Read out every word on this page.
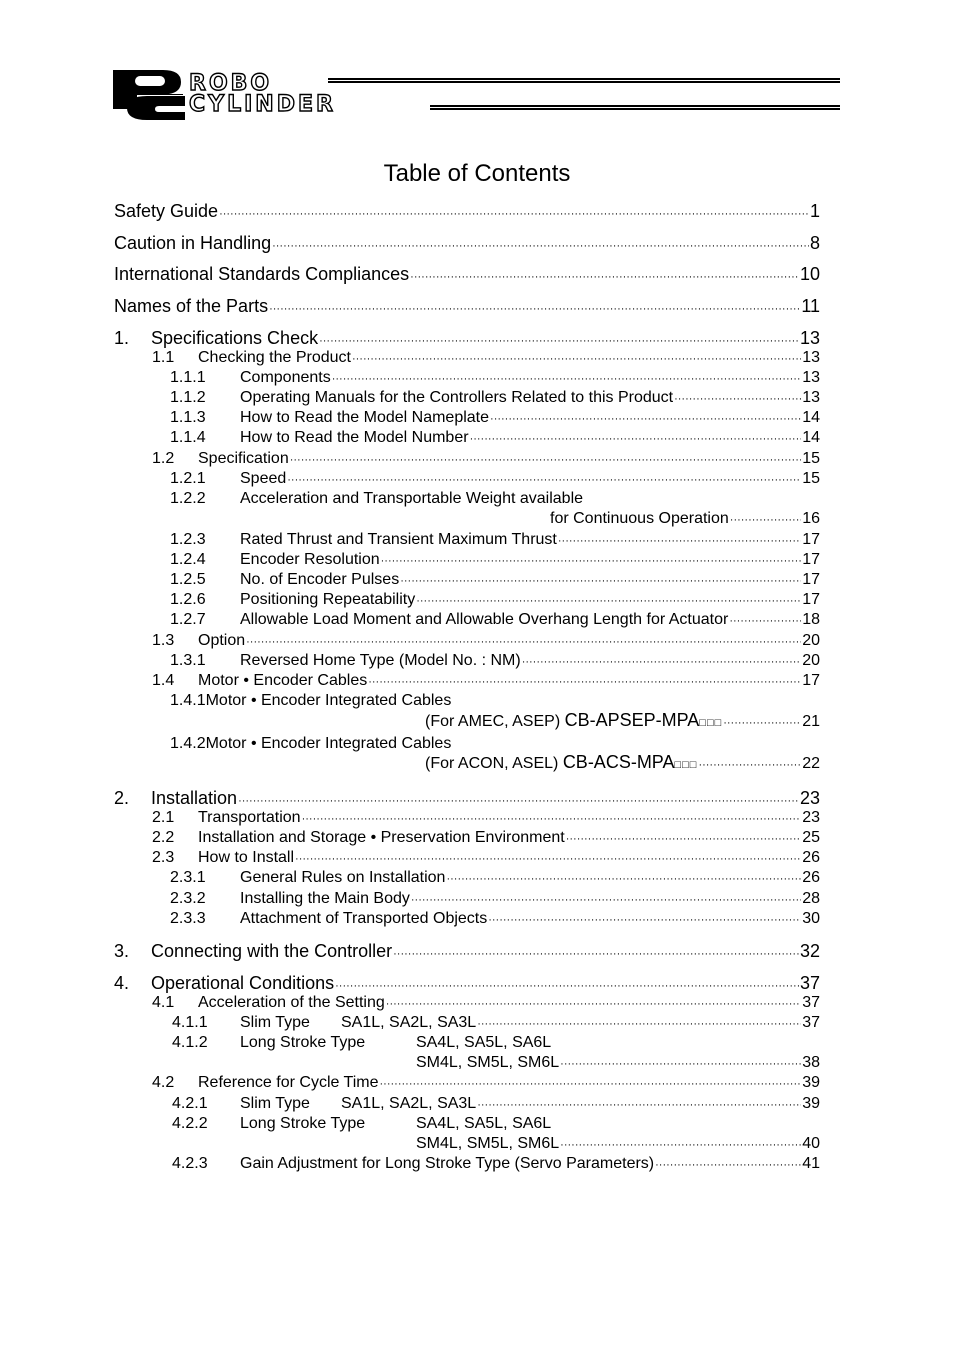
ROBO
CYLINDER
Table of Contents
Safety Guide ·····	1
Caution in Handling ·····	8
International Standards Compliances ·····	10
Names of the Parts ·····	11
1.	Specifications Check ·····	13
1.1	Checking the Product ·····	13
1.1.1	Components ·····	13
1.1.2	Operating Manuals for the Controllers Related to this Product ·····	13
1.1.3	How to Read the Model Nameplate ·····	14
1.1.4	How to Read the Model Number ·····	14
1.2	Specification ·····	15
1.2.1	Speed ·····	15
1.2.2	Acceleration and Transportable Weight available
for Continuous Operation ·····	16
1.2.3	Rated Thrust and Transient Maximum Thrust ·····	17
1.2.4	Encoder Resolution ·····	17
1.2.5	No. of Encoder Pulses ·····	17
1.2.6	Positioning Repeatability ·····	17
1.2.7	Allowable Load Moment and Allowable Overhang Length for Actuator ·····	18
1.3	Option ·····	20
1.3.1	Reversed Home Type (Model No. : NM) ·····	20
1.4	Motor • Encoder Cables ·····	17
1.4.1 Motor • Encoder Integrated Cables
(For AMEC, ASEP) CB-APSEP-MPA□□□ ·····	21
1.4.2 Motor • Encoder Integrated Cables
(For ACON, ASEL) CB-ACS-MPA□□□ ·····	22
2.	Installation ·····	23
2.1	Transportation ·····	23
2.2	Installation and Storage • Preservation Environment ·····	25
2.3	How to Install ·····	26
2.3.1	General Rules on Installation ·····	26
2.3.2	Installing the Main Body ·····	28
2.3.3	Attachment of Transported Objects ·····	30
3.	Connecting with the Controller ·····	32
4.	Operational Conditions ·····	37
4.1	Acceleration of the Setting ·····	37
4.1.1	Slim Type	SA1L, SA2L, SA3L ·····	37
4.1.2	Long Stroke Type	SA4L, SA5L, SA6L
SM4L, SM5L, SM6L ·····	38
4.2	Reference for Cycle Time ·····	39
4.2.1	Slim Type	SA1L, SA2L, SA3L ·····	39
4.2.2	Long Stroke Type	SA4L, SA5L, SA6L
SM4L, SM5L, SM6L ·····	40
4.2.3	Gain Adjustment for Long Stroke Type (Servo Parameters) ·····	41
